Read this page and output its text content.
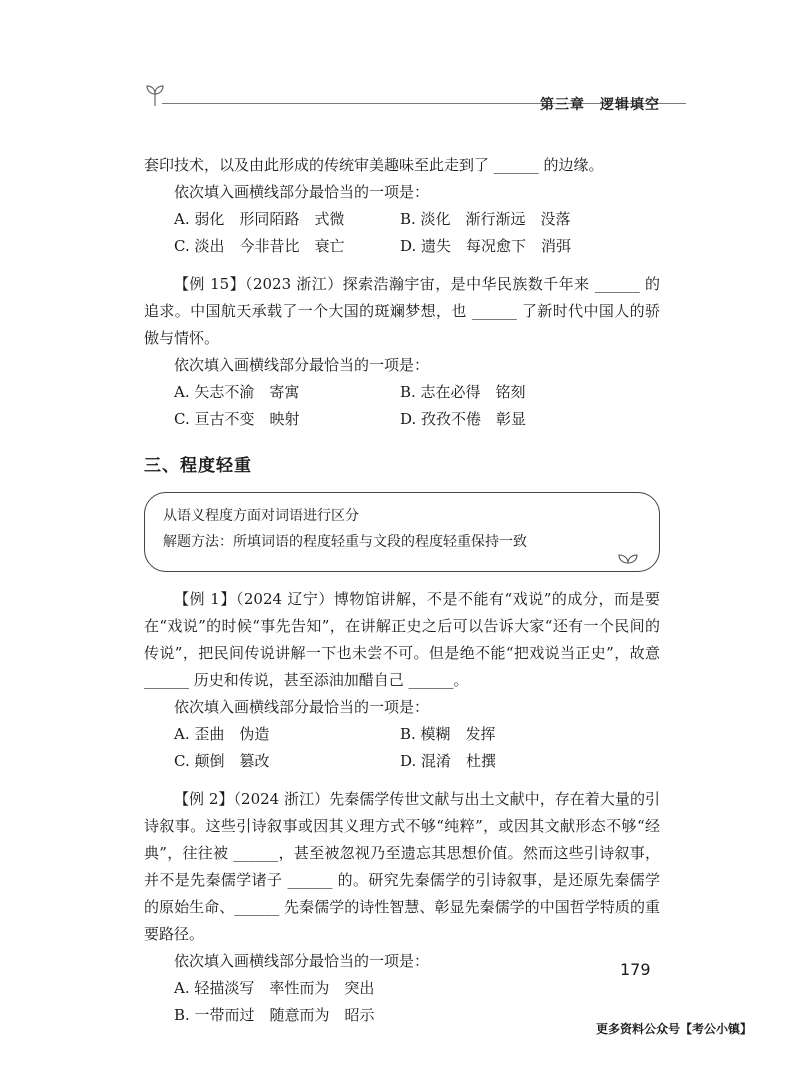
第三章　逻辑填空

套印技术，以及由此形成的传统审美趣味至此走到了 ______ 的边缘。

依次填入画横线部分最恰当的一项是：

A. 弱化　形同陌路　式微	B. 淡化　渐行渐远　没落
C. 淡出　今非昔比　衰亡	D. 遗失　每况愈下　消弭

【例 15】（2023 浙江）探索浩瀚宇宙，是中华民族数千年来 ______ 的追求。中国航天承载了一个大国的斑斓梦想，也 ______ 了新时代中国人的骄傲与情怀。

依次填入画横线部分最恰当的一项是：

A. 矢志不渝　寄寓	B. 志在必得　铭刻
C. 亘古不变　映射	D. 孜孜不倦　彰显
三、程度轻重

从语义程度方面对词语进行区分

解题方法：所填词语的程度轻重与文段的程度轻重保持一致

【例 1】（2024 辽宁）博物馆讲解，不是不能有“戏说”的成分，而是要在“戏说”的时候“事先告知”，在讲解正史之后可以告诉大家“还有一个民间的传说”，把民间传说讲解一下也未尝不可。但是绝不能“把戏说当正史”，故意 ______ 历史和传说，甚至添油加醋自己 ______。

依次填入画横线部分最恰当的一项是：

A. 歪曲　伪造	B. 模糊　发挥
C. 颠倒　篡改	D. 混淆　杜撰

【例 2】（2024 浙江）先秦儒学传世文献与出土文献中，存在着大量的引诗叙事。这些引诗叙事或因其义理方式不够“纯粹”，或因其文献形态不够“经典”，往往被 ______，甚至被忽视乃至遗忘其思想价值。然而这些引诗叙事，并不是先秦儒学诸子 ______ 的。研究先秦儒学的引诗叙事，是还原先秦儒学的原始生命、______ 先秦儒学的诗性智慧、彰显先秦儒学的中国哲学特质的重要路径。

依次填入画横线部分最恰当的一项是：

A. 轻描淡写　率性而为　突出
B. 一带而过　随意而为　昭示
179
更多资料公众号【考公小镇】
